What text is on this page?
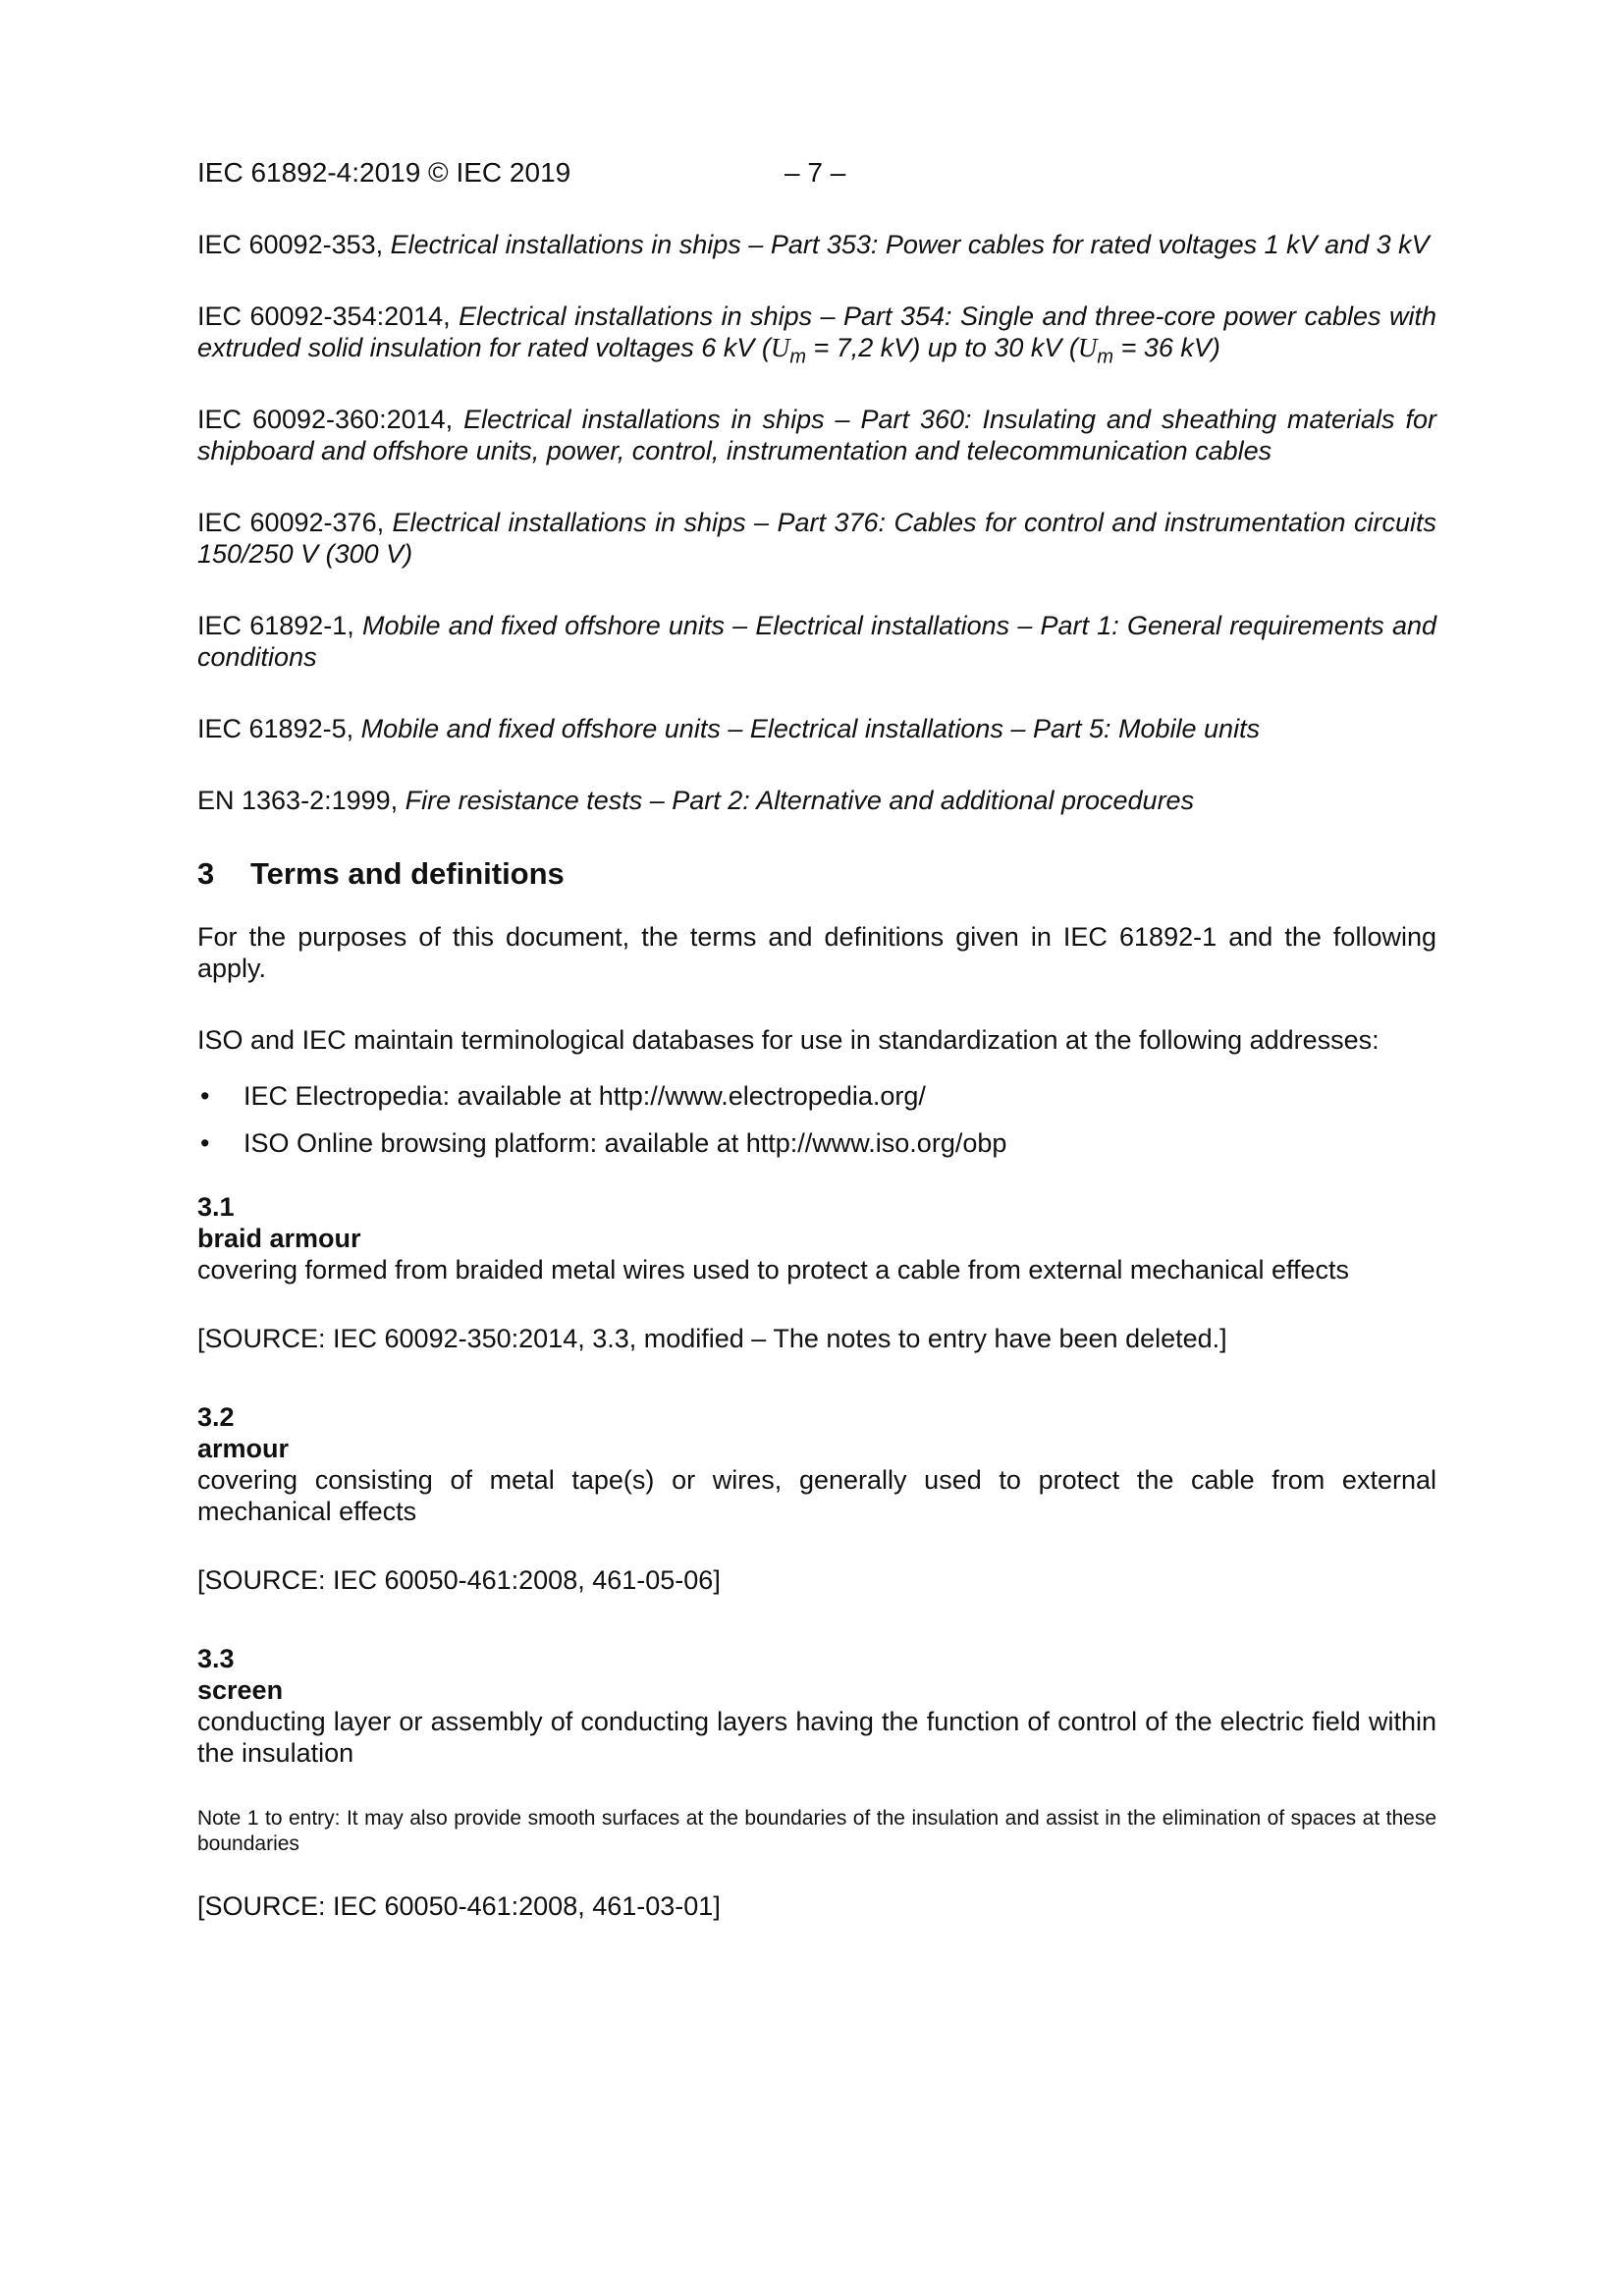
IEC 61892-4:2019 © IEC 2019	– 7 –

IEC 60092-353, Electrical installations in ships – Part 353: Power cables for rated voltages 1 kV and 3 kV

IEC 60092-354:2014, Electrical installations in ships – Part 354: Single and three-core power cables with extruded solid insulation for rated voltages 6 kV ($U_m = 7,2$ kV) up to 30 kV ($U_m = 36$ kV)

IEC 60092-360:2014, Electrical installations in ships – Part 360: Insulating and sheathing materials for shipboard and offshore units, power, control, instrumentation and telecommunication cables

IEC 60092-376, Electrical installations in ships – Part 376: Cables for control and instrumentation circuits 150/250 V (300 V)

IEC 61892-1, Mobile and fixed offshore units – Electrical installations – Part 1: General requirements and conditions

IEC 61892-5, Mobile and fixed offshore units – Electrical installations – Part 5: Mobile units

EN 1363-2:1999, Fire resistance tests – Part 2: Alternative and additional procedures

3 Terms and definitions

For the purposes of this document, the terms and definitions given in IEC 61892-1 and the following apply.

ISO and IEC maintain terminological databases for use in standardization at the following addresses:

• IEC Electropedia: available at http://www.electropedia.org/
• ISO Online browsing platform: available at http://www.iso.org/obp
3.1
braid armour
covering formed from braided metal wires used to protect a cable from external mechanical effects

[SOURCE: IEC 60092-350:2014, 3.3, modified – The notes to entry have been deleted.]

3.2
armour
covering consisting of metal tape(s) or wires, generally used to protect the cable from external mechanical effects

[SOURCE: IEC 60050-461:2008, 461-05-06]

3.3
screen
conducting layer or assembly of conducting layers having the function of control of the electric field within the insulation

Note 1 to entry: It may also provide smooth surfaces at the boundaries of the insulation and assist in the elimination of spaces at these boundaries

[SOURCE: IEC 60050-461:2008, 461-03-01]
